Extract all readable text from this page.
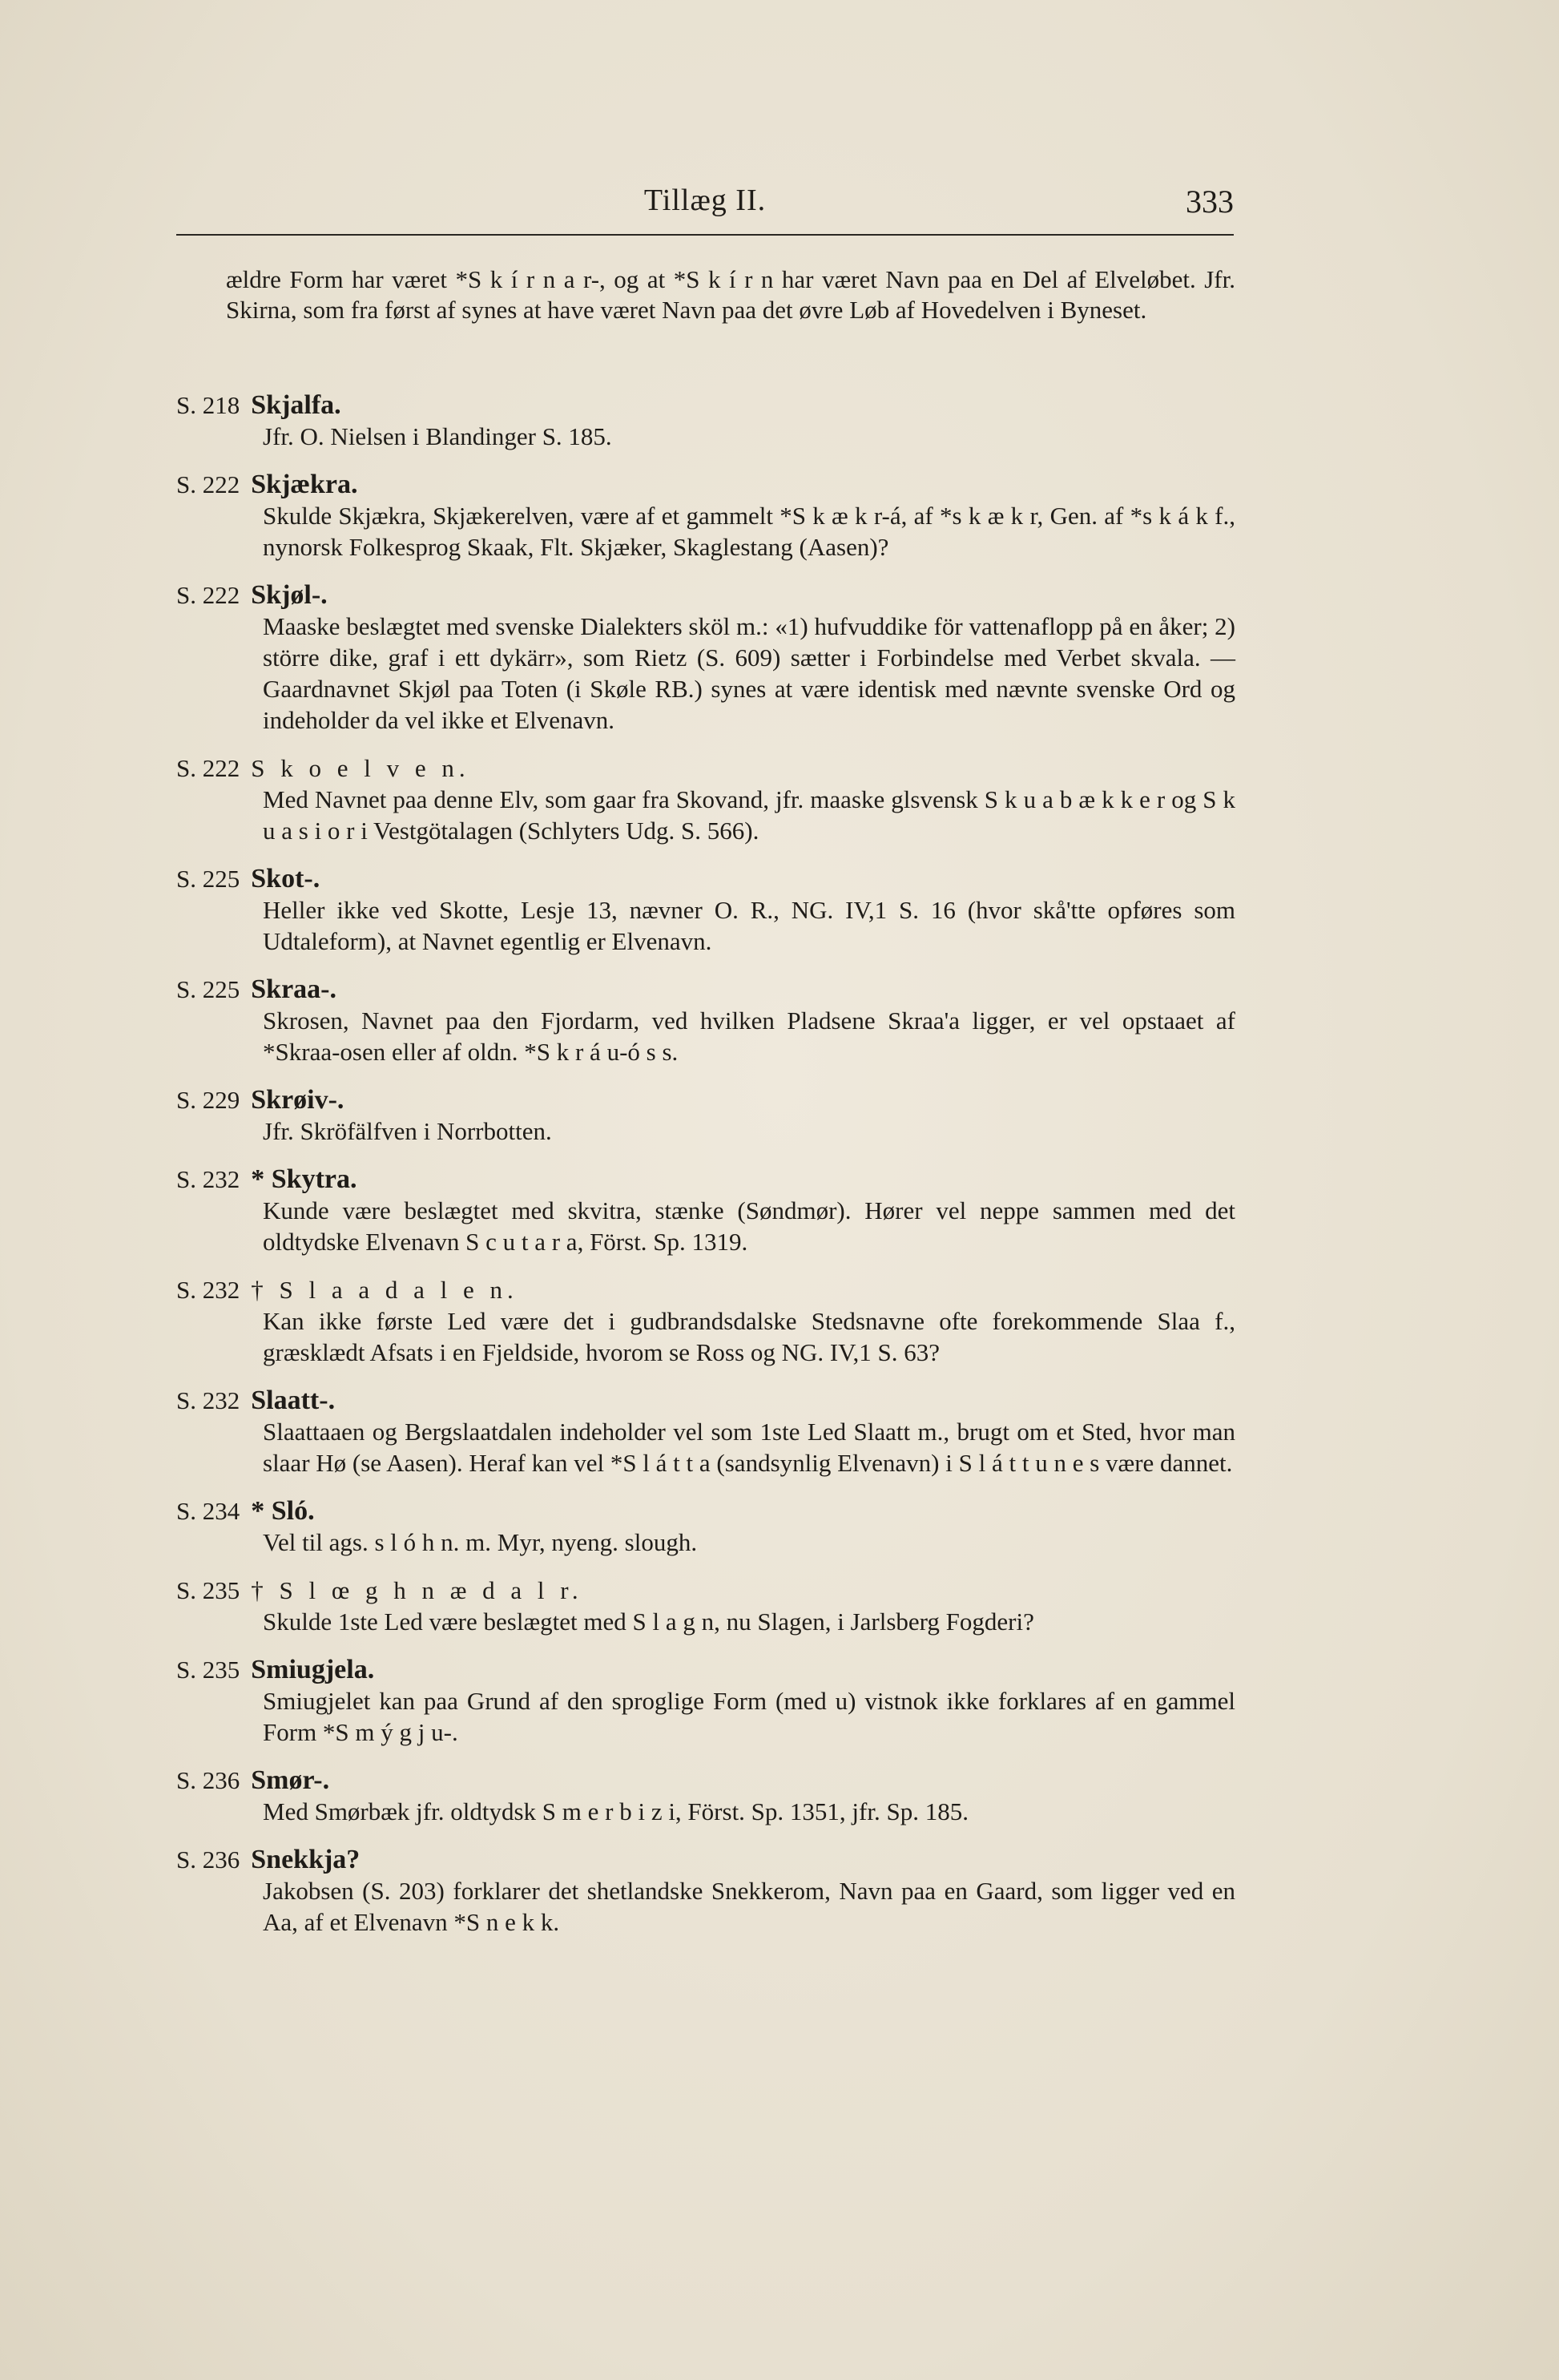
Tillæg II.	333
ældre Form har været *S k í r n a r-, og at *S k í r n har været Navn paa en Del af Elveløbet. Jfr. Skirna, som fra først af synes at have været Navn paa det øvre Løb af Hovedelven i Byneset.
S. 218 Skjalfa.
Jfr. O. Nielsen i Blandinger S. 185.
S. 222 Skjækra.
Skulde Skjækra, Skjækerelven, være af et gammelt *S k æ k r-á, af *s k æ k r, Gen. af *s k á k f., nynorsk Folkesprog Skaak, Flt. Skjæker, Skaglestang (Aasen)?
S. 222 Skjøl-.
Maaske beslægtet med svenske Dialekters sköl m.: «1) hufvuddike för vattenaflopp på en åker; 2) större dike, graf i ett dykärr», som Rietz (S. 609) sætter i Forbindelse med Verbet skvala. — Gaardnavnet Skjøl paa Toten (i Skøle RB.) synes at være identisk med nævnte svenske Ord og indeholder da vel ikke et Elvenavn.
S. 222 S k o e l v e n.
Med Navnet paa denne Elv, som gaar fra Skovand, jfr. maaske glsvensk S k u a b æ k k e r og S k u a s i o r i Vestgötalagen (Schlyters Udg. S. 566).
S. 225 Skot-.
Heller ikke ved Skotte, Lesje 13, nævner O. R., NG. IV,1 S. 16 (hvor skå'tte opføres som Udtaleform), at Navnet egentlig er Elvenavn.
S. 225 Skraa-.
Skrosen, Navnet paa den Fjordarm, ved hvilken Pladsene Skraa'a ligger, er vel opstaaet af *Skraa-osen eller af oldn. *S k r á u-ó s s.
S. 229 Skrøiv-.
Jfr. Skröfälfven i Norrbotten.
S. 232 * Skytra.
Kunde være beslægtet med skvitra, stænke (Søndmør). Hører vel neppe sammen med det oldtydske Elvenavn S c u t a r a, Först. Sp. 1319.
S. 232 † S l a a d a l e n.
Kan ikke første Led være det i gudbrandsdalske Stedsnavne ofte forekommende Slaa f., græsklædt Afsats i en Fjeldside, hvorom se Ross og NG. IV,1 S. 63?
S. 232 Slaatt-.
Slaattaaen og Bergslaatdalen indeholder vel som 1ste Led Slaatt m., brugt om et Sted, hvor man slaar Hø (se Aasen). Heraf kan vel *S l á t t a (sandsynlig Elvenavn) i S l á t t u n e s være dannet.
S. 234 * Sló.
Vel til ags. s l ó h n. m. Myr, nyeng. slough.
S. 235 † S l œ g h n æ d a l r.
Skulde 1ste Led være beslægtet med S l a g n, nu Slagen, i Jarlsberg Fogderi?
S. 235 Smiugjela.
Smiugjelet kan paa Grund af den sproglige Form (med u) vistnok ikke forklares af en gammel Form *S m ý g j u-.
S. 236 Smør-.
Med Smørbæk jfr. oldtydsk S m e r b i z i, Först. Sp. 1351, jfr. Sp. 185.
S. 236 Snekkja?
Jakobsen (S. 203) forklarer det shetlandske Snekkerom, Navn paa en Gaard, som ligger ved en Aa, af et Elvenavn *S n e k k.
